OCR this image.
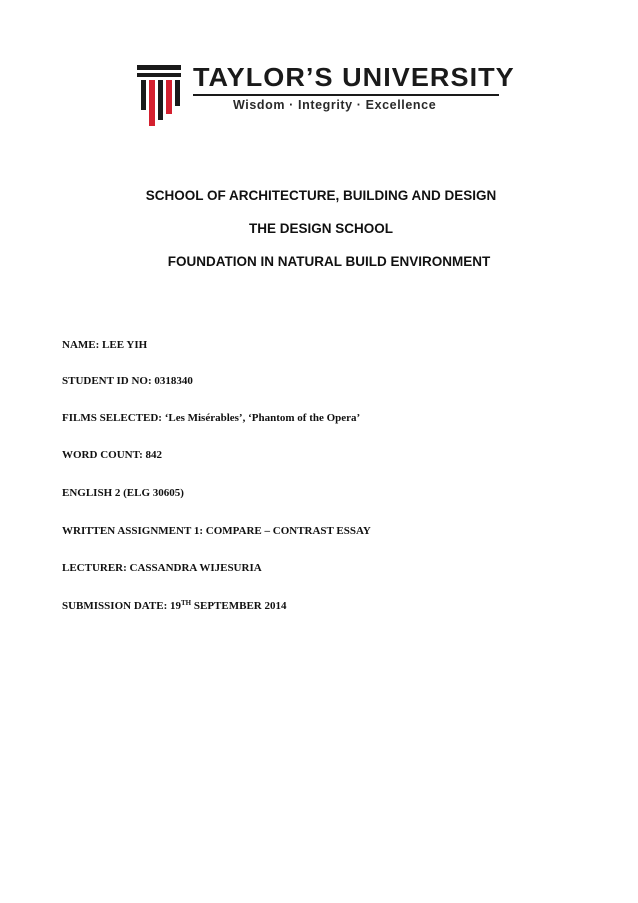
TAYLOR’S UNIVERSITY
Wisdom · Integrity · Excellence
SCHOOL OF ARCHITECTURE, BUILDING AND DESIGN
THE DESIGN SCHOOL
FOUNDATION IN NATURAL BUILD ENVIRONMENT
NAME: LEE YIH
STUDENT ID NO: 0318340
FILMS SELECTED: ‘Les Misérables’, ‘Phantom of the Opera’
WORD COUNT: 842
ENGLISH 2 (ELG 30605)
WRITTEN ASSIGNMENT 1: COMPARE – CONTRAST ESSAY
LECTURER: CASSANDRA WIJESURIA
SUBMISSION DATE: 19TH SEPTEMBER 2014
